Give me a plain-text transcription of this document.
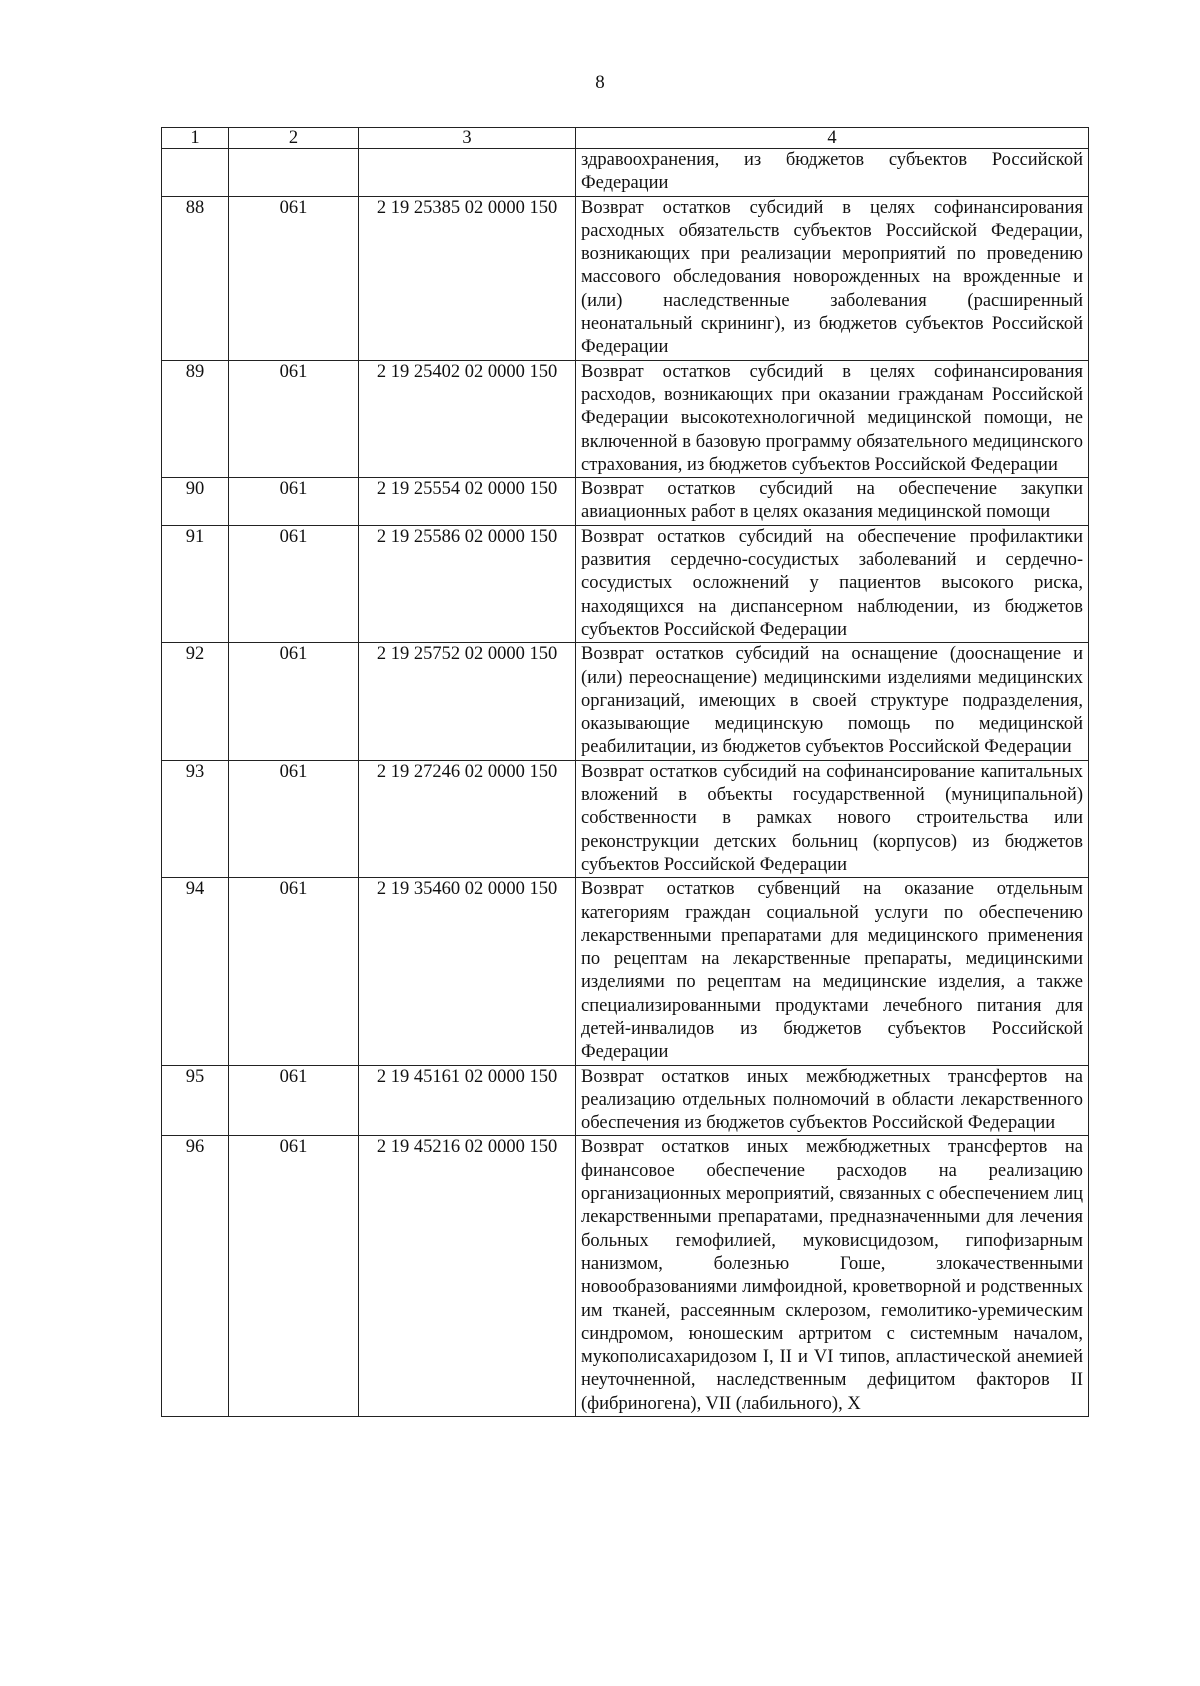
8
1	2	3	4
			здравоохранения, из бюджетов субъектов Российской Федерации
88	061	2 19 25385 02 0000 150	Возврат остатков субсидий в целях софинансирования расходных обязательств субъектов Российской Федерации, возникающих при реализации мероприятий по проведению массового обследования новорожденных на врожденные и (или) наследственные заболевания (расширенный неонатальный скрининг), из бюджетов субъектов Российской Федерации
89	061	2 19 25402 02 0000 150	Возврат остатков субсидий в целях софинансирования расходов, возникающих при оказании гражданам Российской Федерации высокотехнологичной медицинской помощи, не включенной в базовую программу обязательного медицинского страхования, из бюджетов субъектов Российской Федерации
90	061	2 19 25554 02 0000 150	Возврат остатков субсидий на обеспечение закупки авиационных работ в целях оказания медицинской помощи
91	061	2 19 25586 02 0000 150	Возврат остатков субсидий на обеспечение профилактики развития сердечно-сосудистых заболеваний и сердечно-сосудистых осложнений у пациентов высокого риска, находящихся на диспансерном наблюдении, из бюджетов субъектов Российской Федерации
92	061	2 19 25752 02 0000 150	Возврат остатков субсидий на оснащение (дооснащение и (или) переоснащение) медицинскими изделиями медицинских организаций, имеющих в своей структуре подразделения, оказывающие медицинскую помощь по медицинской реабилитации, из бюджетов субъектов Российской Федерации
93	061	2 19 27246 02 0000 150	Возврат остатков субсидий на софинансирование капитальных вложений в объекты государственной (муниципальной) собственности в рамках нового строительства или реконструкции детских больниц (корпусов) из бюджетов субъектов Российской Федерации
94	061	2 19 35460 02 0000 150	Возврат остатков субвенций на оказание отдельным категориям граждан социальной услуги по обеспечению лекарственными препаратами для медицинского применения по рецептам на лекарственные препараты, медицинскими изделиями по рецептам на медицинские изделия, а также специализированными продуктами лечебного питания для детей-инвалидов из бюджетов субъектов Российской Федерации
95	061	2 19 45161 02 0000 150	Возврат остатков иных межбюджетных трансфертов на реализацию отдельных полномочий в области лекарственного обеспечения из бюджетов субъектов Российской Федерации
96	061	2 19 45216 02 0000 150	Возврат остатков иных межбюджетных трансфертов на финансовое обеспечение расходов на реализацию организационных мероприятий, связанных с обеспечением лиц лекарственными препаратами, предназначенными для лечения больных гемофилией, муковисцидозом, гипофизарным нанизмом, болезнью Гоше, злокачественными новообразованиями лимфоидной, кроветворной и родственных им тканей, рассеянным склерозом, гемолитико-уремическим синдромом, юношеским артритом с системным началом, мукополисахаридозом I, II и VI типов, апластической анемией неуточненной, наследственным дефицитом факторов II (фибриногена), VII (лабильного), X
